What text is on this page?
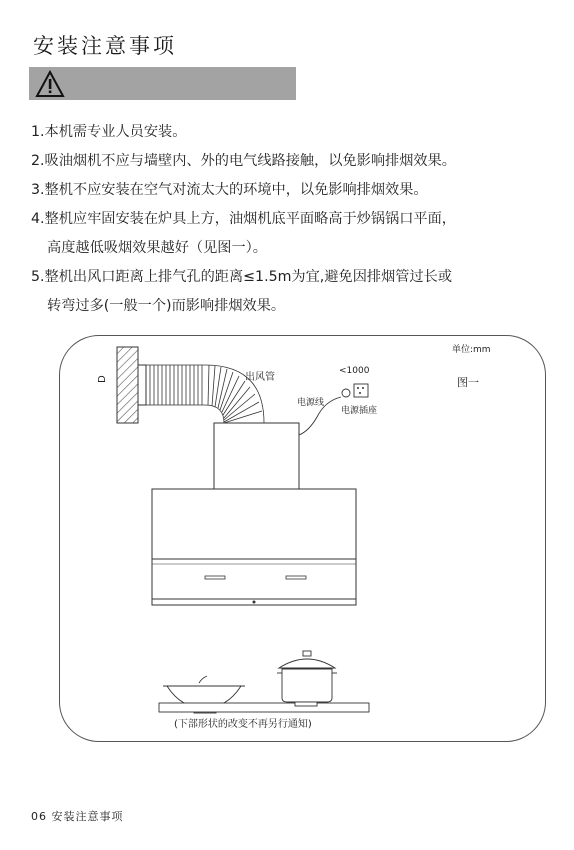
安装注意事项
1.本机需专业人员安装。
2.吸油烟机不应与墙壁内、外的电气线路接触，以免影响排烟效果。
3.整机不应安装在空气对流太大的环境中，以免影响排烟效果。
4.整机应牢固安装在炉具上方，油烟机底平面略高于炒锅锅口平面，
高度越低吸烟效果越好（见图一）。
5.整机出风口距离上排气孔的距离≤1.5m为宜,避免因排烟管过长或
转弯过多(一般一个)而影响排烟效果。
D	出风管
电源线
<1000
电源插座
单位:mm
图一
(下部形状的改变不再另行通知)
06 安装注意事项
